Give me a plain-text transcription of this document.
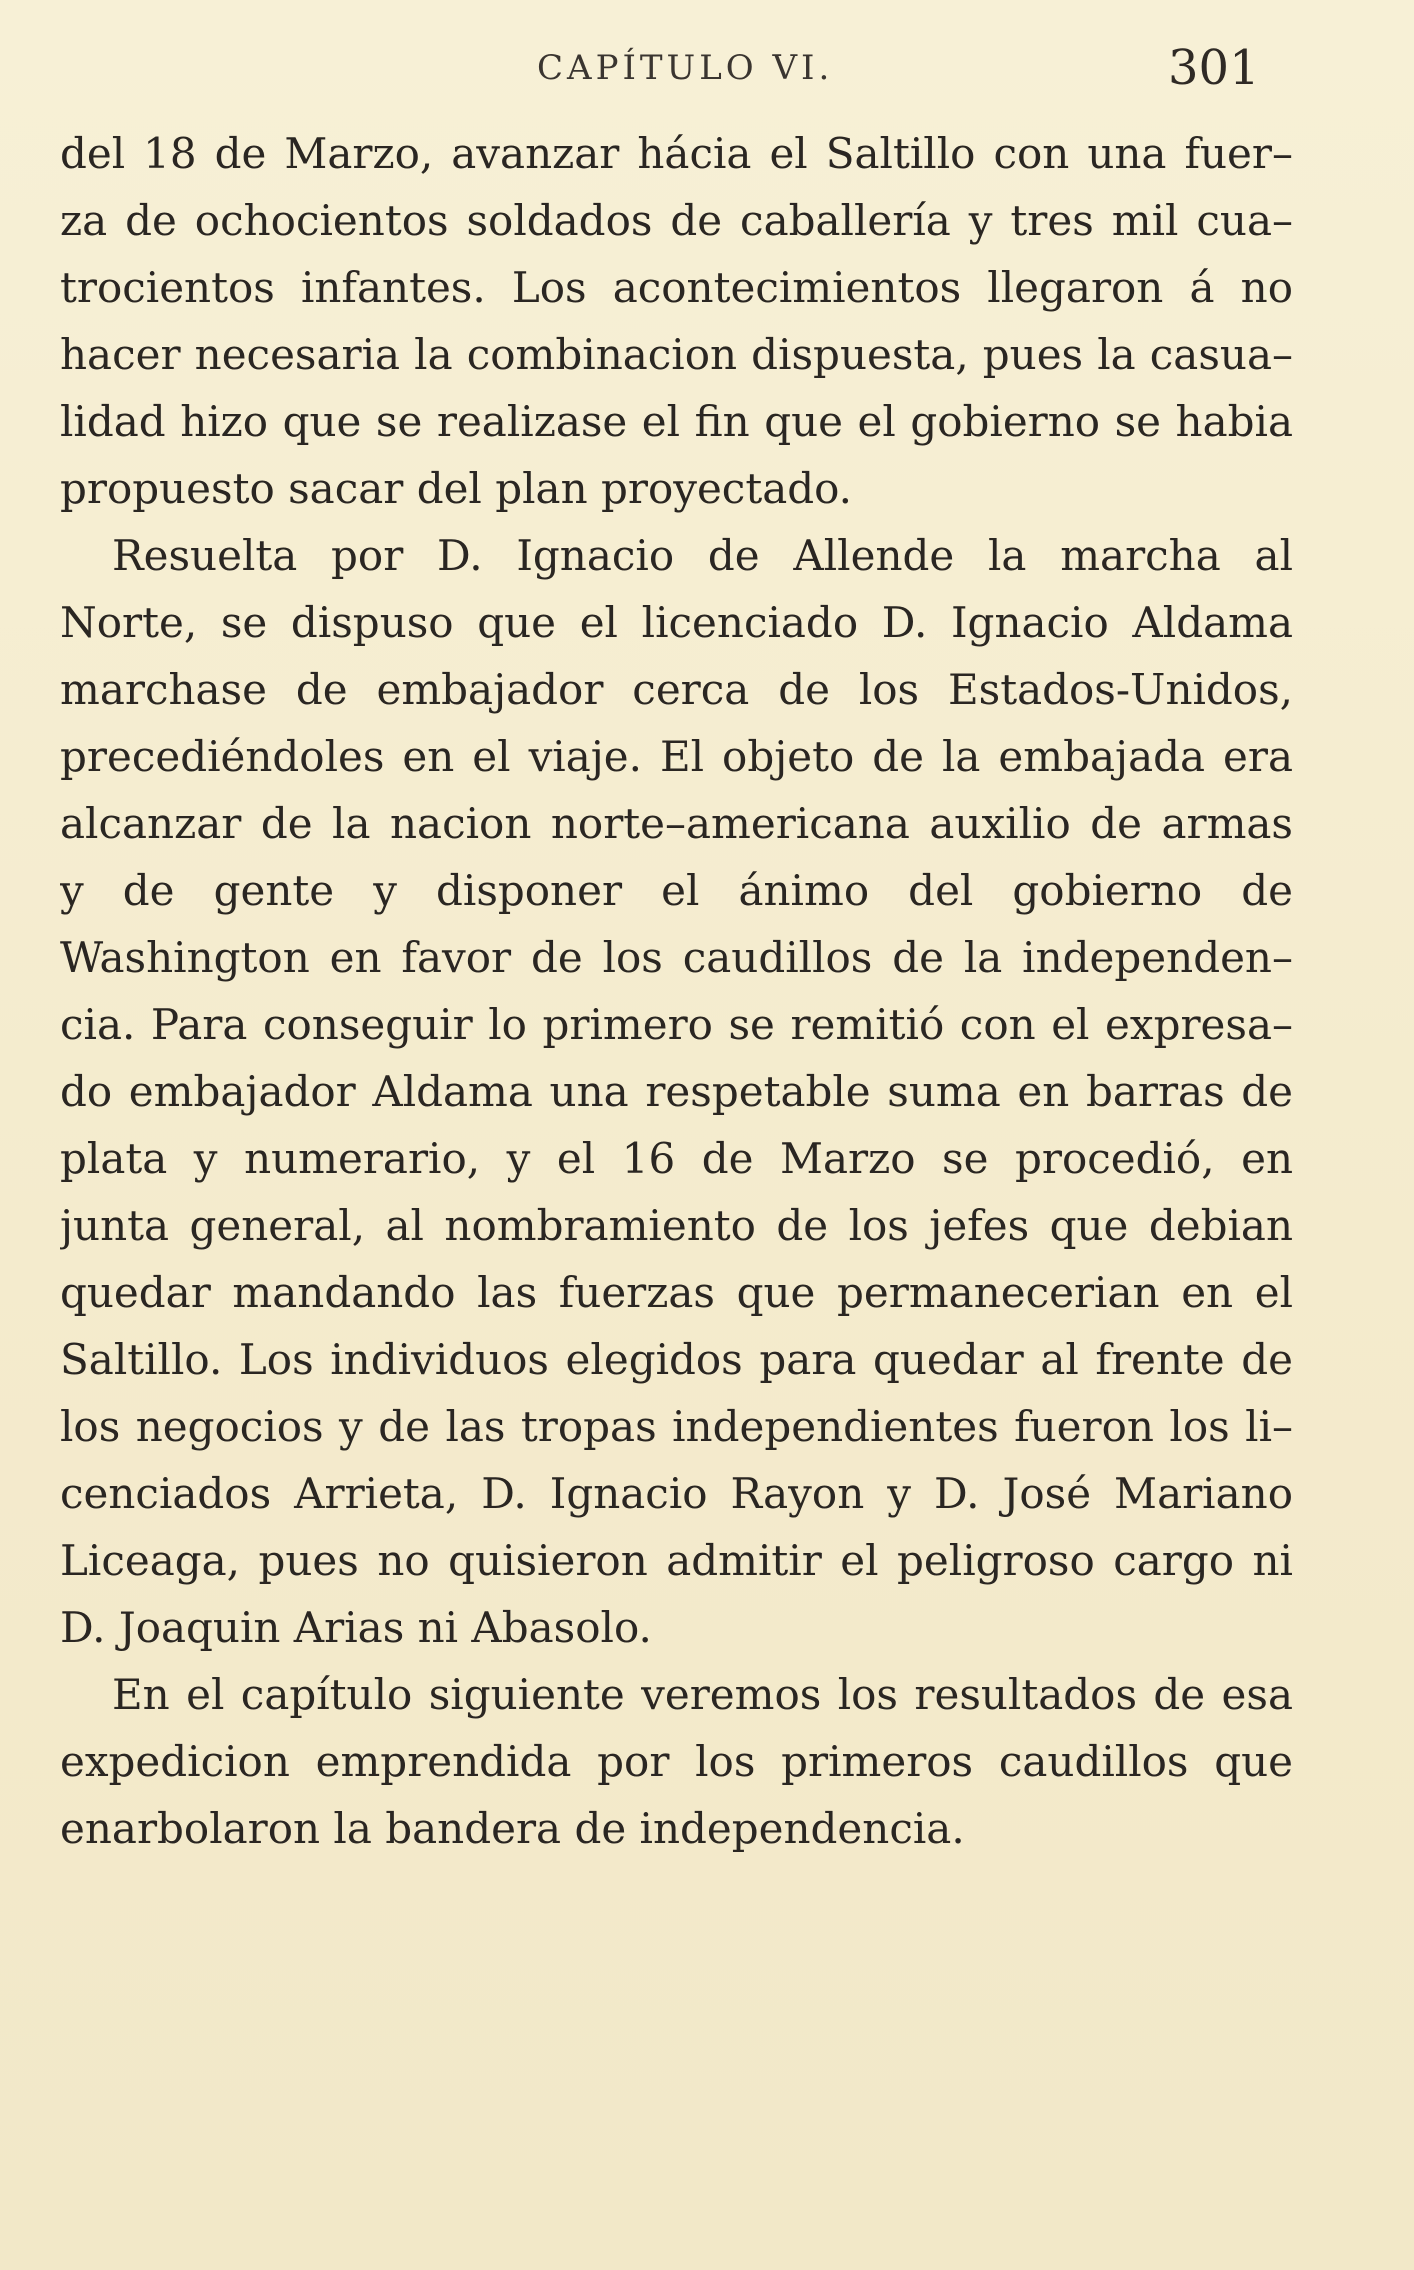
CAPÍTULO VI.	301
del 18 de Marzo, avanzar hácia el Saltillo con una fuer–
za de ochocientos soldados de caballería y tres mil cua–
trocientos infantes. Los acontecimientos llegaron á no
hacer necesaria la combinacion dispuesta, pues la casua–
lidad hizo que se realizase el fin que el gobierno se habia
propuesto sacar del plan proyectado.
Resuelta por D. Ignacio de Allende la marcha al
Norte, se dispuso que el licenciado D. Ignacio Aldama
marchase de embajador cerca de los Estados-Unidos,
precediéndoles en el viaje. El objeto de la embajada era
alcanzar de la nacion norte–americana auxilio de armas
y de gente y disponer el ánimo del gobierno de
Washington en favor de los caudillos de la independen–
cia. Para conseguir lo primero se remitió con el expresa–
do embajador Aldama una respetable suma en barras de
plata y numerario, y el 16 de Marzo se procedió, en
junta general, al nombramiento de los jefes que debian
quedar mandando las fuerzas que permanecerian en el
Saltillo. Los individuos elegidos para quedar al frente de
los negocios y de las tropas independientes fueron los li–
cenciados Arrieta, D. Ignacio Rayon y D. José Mariano
Liceaga, pues no quisieron admitir el peligroso cargo ni
D. Joaquin Arias ni Abasolo.
En el capítulo siguiente veremos los resultados de esa
expedicion emprendida por los primeros caudillos que
enarbolaron la bandera de independencia.
